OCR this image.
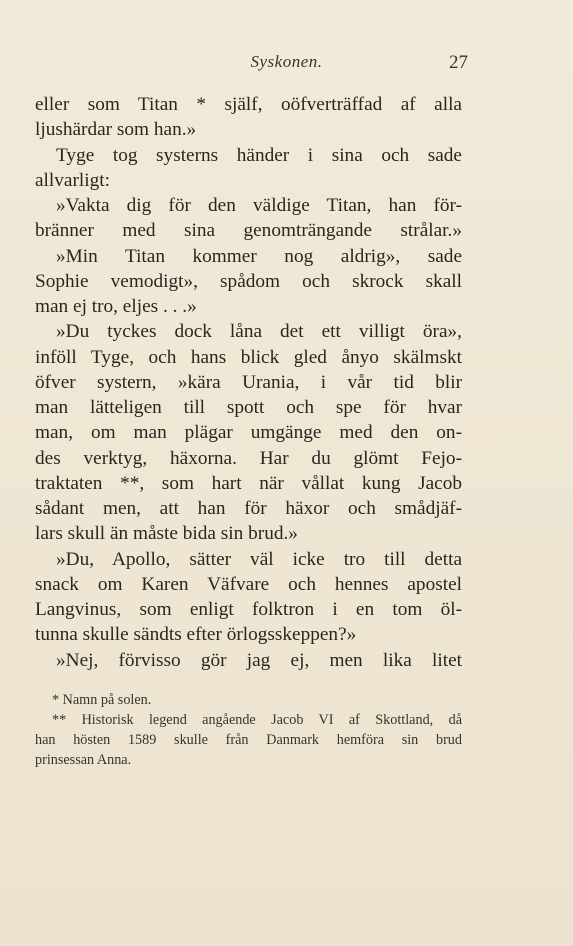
Syskonen.	27
eller som Titan * själf, oöfverträffad af alla
ljushärdar som han.»
Tyge tog systerns händer i sina och sade
allvarligt:
»Vakta dig för den väldige Titan, han för-
bränner med sina genomträngande strålar.»
»Min Titan kommer nog aldrig», sade
Sophie vemodigt», spådom och skrock skall
man ej tro, eljes . . .»
»Du tyckes dock låna det ett villigt öra»,
inföll Tyge, och hans blick gled ånyo skälmskt
öfver systern, »kära Urania, i vår tid blir
man lätteligen till spott och spe för hvar
man, om man plägar umgänge med den on-
des verktyg, häxorna. Har du glömt Fejo-
traktaten **, som hart när vållat kung Jacob
sådant men, att han för häxor och smådjäf-
lars skull än måste bida sin brud.»
»Du, Apollo, sätter väl icke tro till detta
snack om Karen Väfvare och hennes apostel
Langvinus, som enligt folktron i en tom öl-
tunna skulle sändts efter örlogsskeppen?»
»Nej, förvisso gör jag ej, men lika litet
* Namn på solen.
** Historisk legend angående Jacob VI af Skottland, då
han hösten 1589 skulle från Danmark hemföra sin brud
prinsessan Anna.
